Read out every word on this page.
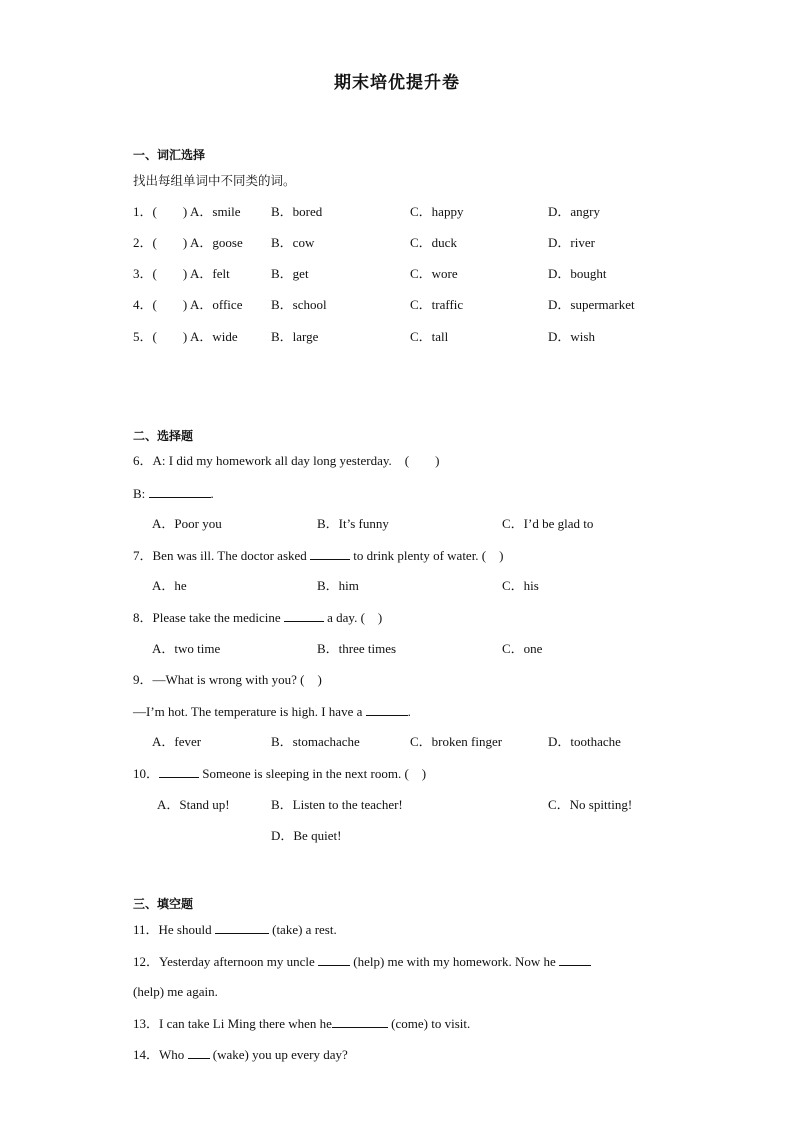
期末培优提升卷
一、词汇选择
找出每组单词中不同类的词。
1．(　　) A．smile B．bored	C．happy	D．angry
2．(　　) A．goose B．cow	C．duck	D．river
3．(　　) A．felt	B．get	C．wore	D．bought
4．(　　) A．office B．school	C．traffic	D．supermarket
5．(　　) A．wide	B．large	C．tall	D．wish
二、选择题
6．A: I did my homework all day long yesterday.　(　　)
B:	.
A．Poor you	B．It’s funny	C．I’d be glad to
7．Ben was ill. The doctor asked	to drink plenty of water. (　)
A．he	B．him	C．his
8．Please take the medicine	a day. (　)
A．two time	B．three times	C．one
9．—What is wrong with you? (　)
—I’m hot. The temperature is high. I have a	.
A．fever	B．stomachache	C．broken finger	D．toothache
10．	Someone is sleeping in the next room. (　)
A．Stand up!	B．Listen to the teacher!	C．No spitting!
D．Be quiet!
三、填空题
11．He should	(take) a rest.
12．Yesterday afternoon my uncle  (help) me with my homework. Now he
(help) me again.
13．I can take Li Ming there when he	(come) to visit.
14．Who  (wake) you up every day?
